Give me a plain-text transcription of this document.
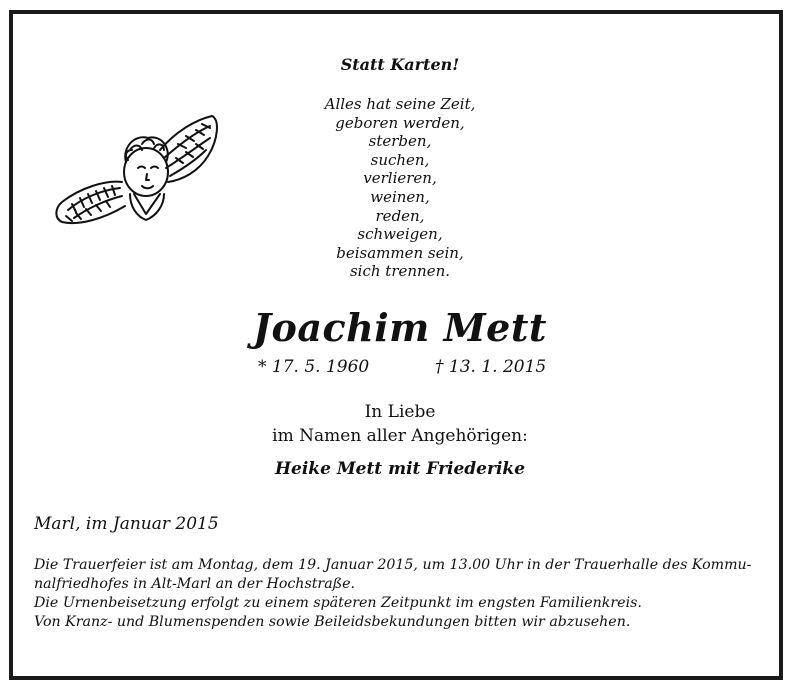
Statt Karten!
Alles hat seine Zeit,
geboren werden,
sterben,
suchen,
verlieren,
weinen,
reden,
schweigen,
beisammen sein,
sich trennen.
Joachim Mett
* 17. 5. 1960	† 13. 1. 2015
In Liebe
im Namen aller Angehörigen:
Heike Mett mit Friederike
Marl, im Januar 2015
Die Trauerfeier ist am Montag, dem 19. Januar 2015, um 13.00 Uhr in der Trauerhalle des Kommu-
nalfriedhofes in Alt-Marl an der Hochstraße.
Die Urnenbeisetzung erfolgt zu einem späteren Zeitpunkt im engsten Familienkreis.
Von Kranz- und Blumenspenden sowie Beileidsbekundungen bitten wir abzusehen.
